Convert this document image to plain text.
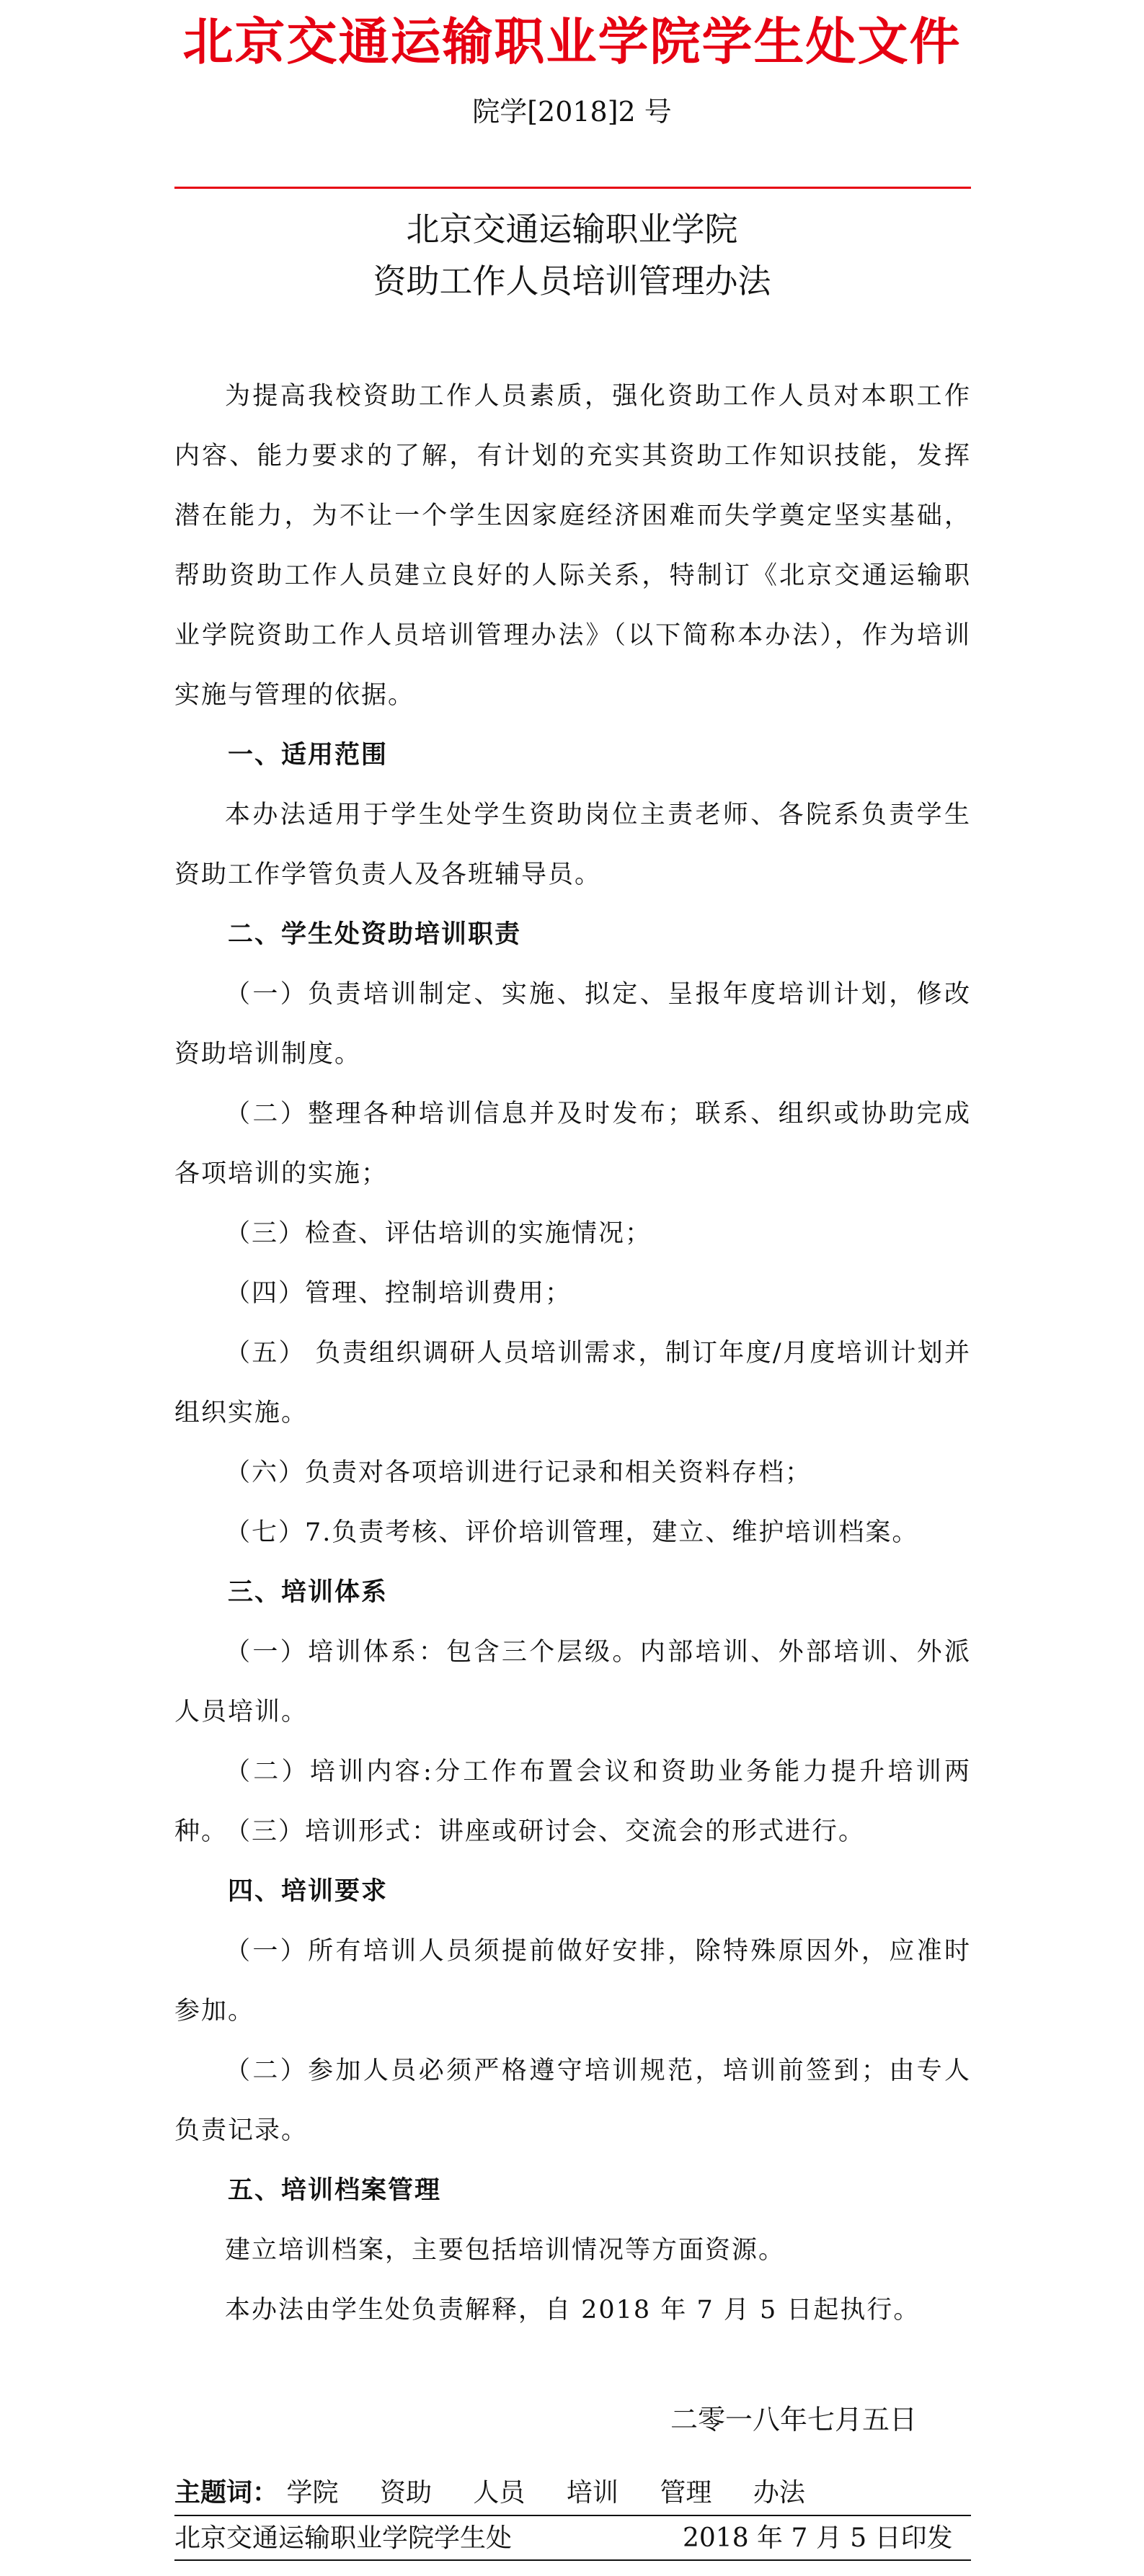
北京交通运输职业学院学生处文件
院学[2018]2 号
北京交通运输职业学院
资助工作人员培训管理办法

为提高我校资助工作人员素质，强化资助工作人员对本职工作内容、能力要求的了解，有计划的充实其资助工作知识技能，发挥潜在能力，为不让一个学生因家庭经济困难而失学奠定坚实基础，帮助资助工作人员建立良好的人际关系，特制订《北京交通运输职业学院资助工作人员培训管理办法》（以下简称本办法），作为培训实施与管理的依据。

一、适用范围

本办法适用于学生处学生资助岗位主责老师、各院系负责学生资助工作学管负责人及各班辅导员。

二、学生处资助培训职责

（一）负责培训制定、实施、拟定、呈报年度培训计划，修改资助培训制度。

（二）整理各种培训信息并及时发布；联系、组织或协助完成各项培训的实施；

（三）检查、评估培训的实施情况；

（四）管理、控制培训费用；

（五） 负责组织调研人员培训需求，制订年度/月度培训计划并组织实施。

（六）负责对各项培训进行记录和相关资料存档；

（七）7.负责考核、评价培训管理，建立、维护培训档案。

三、培训体系

（一）培训体系：包含三个层级。内部培训、外部培训、外派人员培训。

（二）培训内容:分工作布置会议和资助业务能力提升培训两种。

（三）培训形式：讲座或研讨会、交流会的形式进行。

四、培训要求

（一）所有培训人员须提前做好安排，除特殊原因外，应准时参加。

（二）参加人员必须严格遵守培训规范，培训前签到；由专人负责记录。

五、培训档案管理

建立培训档案，主要包括培训情况等方面资源。

本办法由学生处负责解释，自 2018 年 7 月 5 日起执行。

二零一八年七月五日
主题词： 学院 资助 人员 培训 管理 办法
北京交通运输职业学院学生处	2018 年 7 月 5 日印发
